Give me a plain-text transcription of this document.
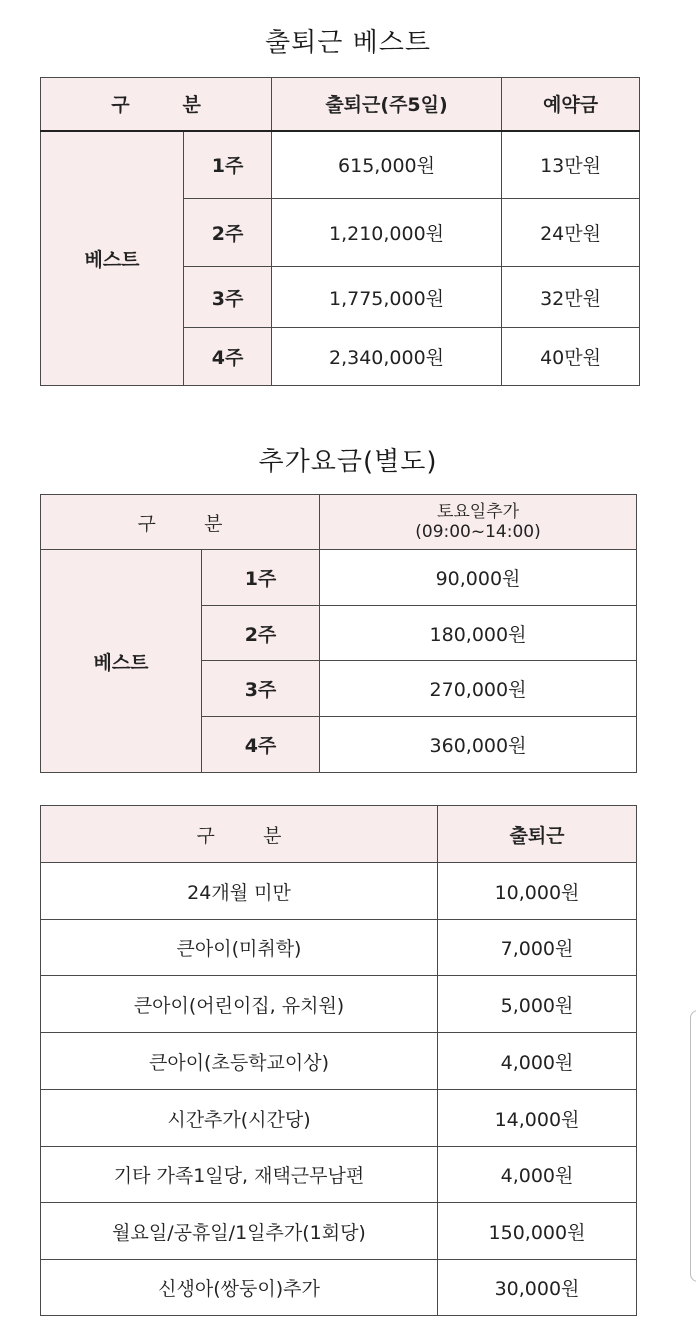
출퇴근 베스트
구        분		출퇴근(주5일)	예약금
베스트	1주	615,000원	13만원
	2주	1,210,000원	24만원
	3주	1,775,000원	32만원
	4주	2,340,000원	40만원
추가요금(별도)
구        분		토요일추가
(09:00~14:00)

베스트	1주	90,000원
	2주	180,000원
	3주	270,000원
	4주	360,000원
구        분	출퇴근
24개월 미만	10,000원
큰아이(미취학)	7,000원
큰아이(어린이집, 유치원)	5,000원
큰아이(초등학교이상)	4,000원
시간추가(시간당)	14,000원
기타 가족1일당, 재택근무남편	4,000원
월요일/공휴일/1일추가(1회당)	150,000원
신생아(쌍둥이)추가	30,000원
